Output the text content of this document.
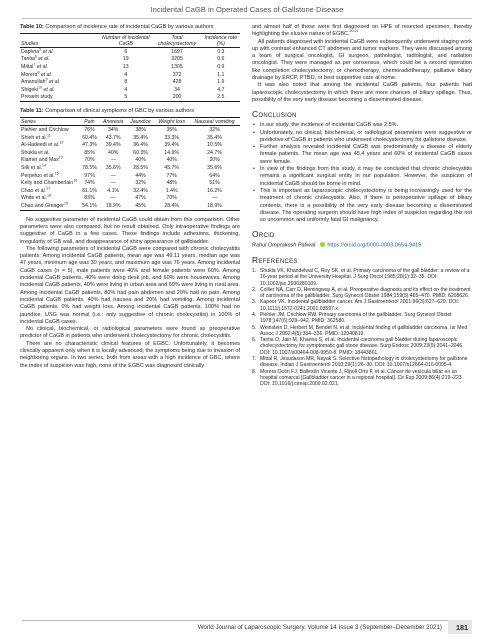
Incidental CaGB in Operated Cases of Gallstone Disease
Table 10: Comparison of incidence rate of incidental CaGB by various authors
Studies	Number of incidental CaGB	Total cholecystectomy	Incidence rate (%)
Daphna$^5$ et al.	6	1697	0.3
Tantia$^6$ et al.	19	3205	0.6
Mittal$^7$ et al.	13	1305	0.9
Morera$^8$ et al.	4	372	1.1
Amanullah$^9$ et al.	8	428	1.9
Shigeki$^{10}$ et al.	4	34	4.7
Present study	5	200	2.5
Table 11: Comparison of clinical symptoms of GBC by various authors
Series	Pain	Anorexia	Jaundice	Weight loss	Nausea/ vomiting
Piehler and Crichlow	76%	34%	38%	35%	32%
Shieh et al.$^{11}$	60.4%	43.7%	35.4%	33.3%	35.4%
Al-Hadeedi et al.$^{12}$	47.3%	39.4%	36.4%	39.4%	10.5%
Shukla et al.	85%	40%	60.3%	14.9%	24.7%
Klamer and Max$^{13}$	70%	—	40%	40%	30%
Silk et al.$^{14}$	78.5%	35.6%	28.5%	45.7%	35.6%
Perpetuo et al.$^{15}$	97%	—	44%	77%	64%
Kelly and Chamberlain$^{16}$	74%	—	32%	48%	51%
Chao et al.$^{17}$	81.1%	4.1%	32.4%	1.4%	16.2%
White et al.$^{18}$	83%	—	47%	70%	—
Chao and Greager$^{19}$	54.1%	18.9%	45%	28.4%	18.9%

No suggestive parameter of incidental CaGB could obtain from this comparison. Other parameters were also compared, but no result obtained. Only intraoperative findings are suggestive of CaGB in a few cases. These findings include adhesions, thickening, irregularity of GB wall, and disappearance of shiny appearance of gallbladder.

The following parameters of incidental CaGB were compared with chronic cholecystitis patients: Among incidental CaGB patients, mean age was 49.11 years, median age was 47 years, minimum age was 30 years, and maximum age was 76 years. Among incidental CaGB cases (n = 5), male patients were 40% and female patients were 60%. Among incidental CaGB patients, 40% were doing desk job, and 60% were housewives. Among incidental CaGB patients, 40% were living in urban area and 60% were living in rural area. Among incidental CaGB patients, 80% had pain abdomen and 20% had no pain. Among incidental CaGB patients, 40% had nausea and 20% had vomiting. Among incidental CaGB patients, 0% had weight loss. Among incidental CaGB patients, 100% had no jaundice. USG was normal (i.e.: only suggestive of chronic cholecystitis) in 100% of incidental CaGB cases.

No clinical, biochemical, or radiological parameters were found as preoperative predictor of CaGB in patients who underwent cholecystectomy for chronic cholecystitis.

There are no characteristic clinical features of EGBC. Unfortunately, it becomes clinically apparent only when it is locally advanced; the symptoms being due to invasion of neighboring organs. In two series, both from areas with a high incidence of GBC, where the index of suspicion was high, none of the EGBC was diagnosed clinically

and almost half of these were first diagnosed on HPE of resected specimen, thereby highlighting the elusive nature of EGBC.$^{20,21}$

All patients diagnosed with incidental CaGB were subsequently underwent staging work up with contrast enhanced CT abdomen and tumor markers. They were discussed among a team of surgical oncologist, GI surgeon, pathologist, radiologist, and radiation oncologist. They were managed as per consensus, which could be a second operation like completion cholecystectomy, or chemotherapy, chemoradiotherapy, palliative biliary drainage by ERCP, PTBD, or best supportive care at home.

It was also noted that among the incidental CaGB patients, four patients had laparoscopic cholecystectomy in which there are more chances of biliary spillage. Thus, possibility of the very early disease becoming a disseminated disease.

Conclusion
• In our study, the incidence of incidental CaGB was 2.5%.
• Unfortunately, no clinical, biochemical, or radiological parameters were suggestive or predictive of CaGB in patients who underwent cholecystectomy for gallstone disease.
• Further analysis revealed incidental CaGB was predominantly a disease of elderly female patients. The mean age was 45.4 years and 60% of incidental CaGB cases were female.
• In view of the findings from this study, it may be concluded that chronic cholecystitis remains a significant surgical entity in our population. However, the suspicion of incidental CaGB should be borne in mind.
• This is important as laparoscopic cholecystectomy is being increasingly used for the treatment of chronic cholecystitis. Also, if there is perioperative spillage of biliary contents, there is a possibility of the very early disease becoming a disseminated disease. The operating surgeon should have high index of suspicion regarding this not so uncommon and uniformly fatal GI malignancy.
Orcid
Rahul Omprakash Paliwal https://orcid.org/0000-0003-0654-9419
References
1. Shukla VK, Khandelwal C, Roy SK, et al. Primary carcinoma of the gall bladder: a review of a 16-year period at the University Hospital. J Surg Oncol 1985;28(1):32–35. DOI: 10.1002/jso.2930280109.
2. Collier NA, Carr D, Hemingway A, et al. Preoperative diagnosis and its effect on the treatment of carcinoma of the gallbladder. Surg Gynecol Obstet 1984;159(5):465–470. PMID: 6208626.
3. Kapoor VK. Incidental gallbladder cancer. Am J Gastroenterol 2001;96(3):627–629. DOI: 10.1111/j.1572-0241.2001.03597.x.
4. Piehler JM, Crichlow RW. Primary carcinoma of the gallbladder. Surg Gynecol Obstet 1978;147(6):929–942. PMID: 362580.
5. Weinstein D, Herbert M, Bendet N, et al. Incidental finding of gallbladder carcinoma. Isr Med Assoc J 2002;4(5):334–336. PMID: 12040819.
6. Tantia O, Jain M, Khanna S, et al. Incidental carcinoma gall bladder during laparoscopic cholecystectomy for symptomatic gall stone disease. Surg Endosc 2009;23(9):2041–2046. DOI: 10.1007/s00464-008-9950-8. PMID: 18443861.
7. Mittal R, Jesudason MR, Nayak S. Selective histopathology in cholecystectomy for gallstone disease. Indian J Gastroenterol 2010;29(1):26–30. DOI: 10.1007/s12664-010-0005-4.
8. Morera Ocón FJ, Ballestín Vicente J, Ripoll Orts F, et al. Cáncer de vesícula biliar en un hospital comarcal [Gallbladder cancer in a regional hospital]. Cir Esp 2009;86(4):219–223. DOI: 10.1016/j.ciresp.2009.02.021.
World Journal of Laparoscopic Surgery, Volume 14 Issue 3 (September–December 2021) 181
